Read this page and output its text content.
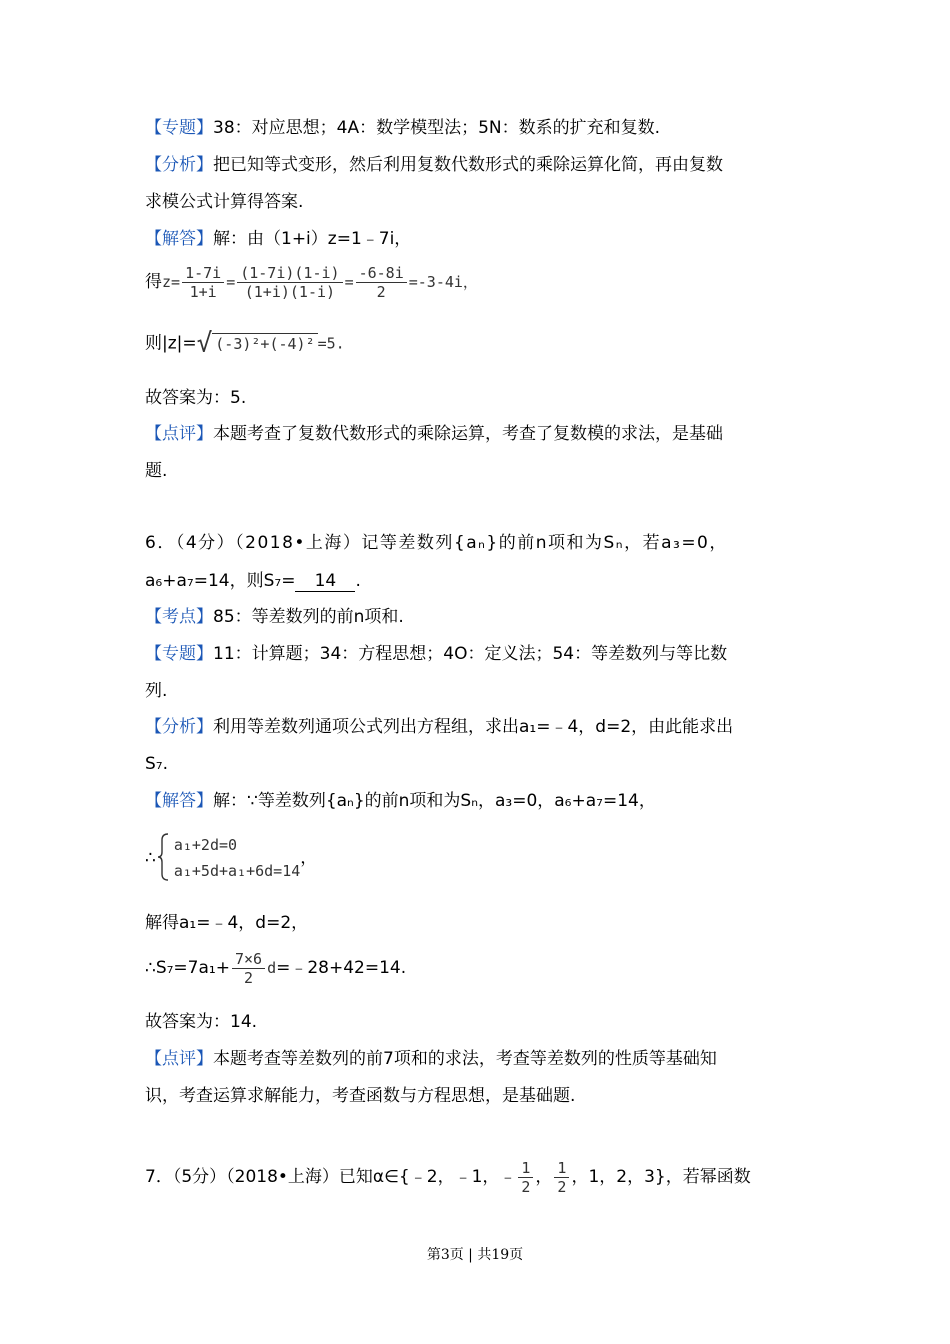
【专题】38：对应思想；4A：数学模型法；5N：数系的扩充和复数.
【分析】把已知等式变形，然后利用复数代数形式的乘除运算化简，再由复数
求模公式计算得答案.
【解答】解：由（1+i）z=1﹣7i，
得$z= \frac{1-7i}{1+i} = \frac{(1-7i)(1-i)}{(1+i)(1-i)} = \frac{-6-8i}{2} =-3-4i$，
则|z|=√ (-3)²+(-4)² =5.
故答案为：5.
【点评】本题考查了复数代数形式的乘除运算，考查了复数模的求法，是基础
题.
6．（4分）（2018•上海）记等差数列{aₙ}的前n项和为Sₙ，若a₃=0，
a₆+a₇=14，则S₇= 14 .
【考点】85：等差数列的前n项和.
【专题】11：计算题；34：方程思想；4O：定义法；54：等差数列与等比数
列.
【分析】利用等差数列通项公式列出方程组，求出a₁=﹣4，d=2，由此能求出
S₇.
【解答】解：∵等差数列{aₙ}的前n项和为Sₙ，a₃=0，a₆+a₇=14，
∴
a₁+2d=0
a₁+5d+a₁+6d=14
，
解得a₁=﹣4，d=2，
∴S₇=7a₁+ $\frac{7\times 6}{2}$ d=﹣28+42=14.
故答案为：14.
【点评】本题考查等差数列的前7项和的求法，考查等差数列的性质等基础知
识，考查运算求解能力，考查函数与方程思想，是基础题.
7．（5分）（2018•上海）已知α∈{﹣2，﹣1，﹣ $\frac{1}{2}$ ， $\frac{1}{2}$ ，1，2，3}，若幂函数
第3页 | 共19页
